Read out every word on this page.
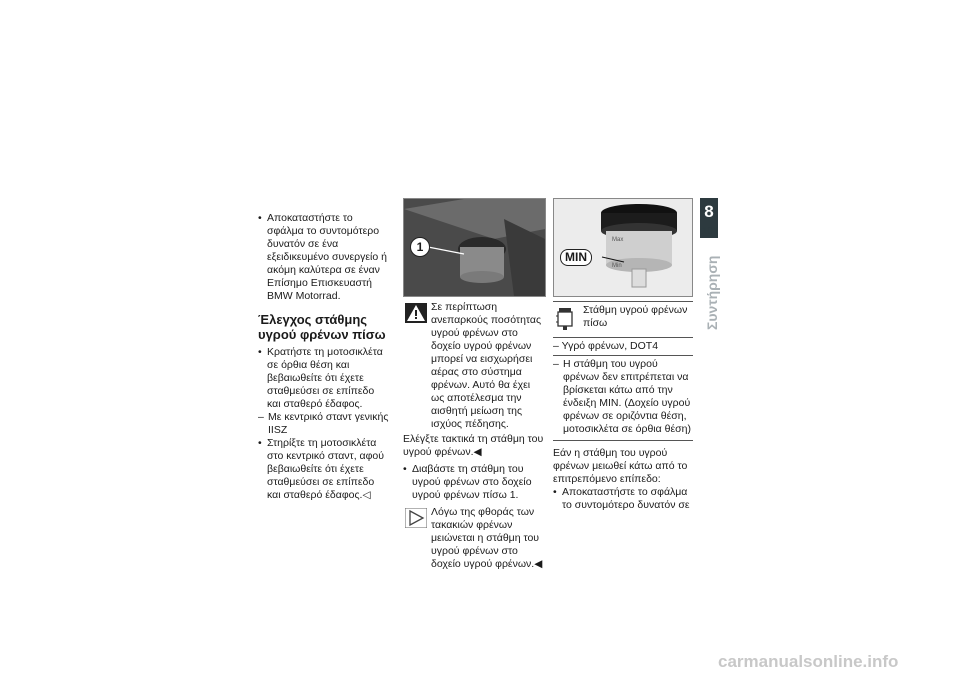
• Αποκαταστήστε το σφάλμα το συντομότερο δυνατόν σε ένα εξειδικευμένο συνεργείο ή ακόμη καλύτερα σε έναν Επίσημο Επισκευαστή BMW Motorrad.
Έλεγχος στάθμης υγρού φρένων πίσω
• Κρατήστε τη μοτοσικλέτα σε όρθια θέση και βεβαιωθείτε ότι έχετε σταθμεύσει σε επίπεδο και σταθερό έδαφος.
– Με κεντρικό σταντ γενικής ΙΙSZ
• Στηρίξτε τη μοτοσικλέτα στο κεντρικό σταντ, αφού βεβαιωθείτε ότι έχετε σταθμεύσει σε επίπεδο και σταθερό έδαφος.◁
1
Σε περίπτωση ανεπαρκούς ποσότητας υγρού φρένων στο δοχείο υγρού φρένων μπορεί να εισχωρήσει αέρας στο σύστημα φρένων. Αυτό θα έχει ως αποτέλεσμα την αισθητή μείωση της ισχύος πέδησης.
Ελέγξτε τακτικά τη στάθμη του υγρού φρένων.◀
• Διαβάστε τη στάθμη του υγρού φρένων στο δοχείο υγρού φρένων πίσω 1.
Λόγω της φθοράς των τακακιών φρένων μειώνεται η στάθμη του υγρού φρένων στο δοχείο υγρού φρένων.◀
Max
Min
MIN
Στάθμη υγρού φρένων πίσω
– Υγρό φρένων, DOT4
– Η στάθμη του υγρού φρένων δεν επιτρέπεται να βρίσκεται κάτω από την ένδειξη MIN. (Δοχείο υγρού φρένων σε οριζόντια θέση, μοτοσικλέτα σε όρθια θέση)
Εάν η στάθμη του υγρού φρένων μειωθεί κάτω από το επιτρεπόμενο επίπεδο:
• Αποκαταστήστε το σφάλμα το συντομότερο δυνατόν σε
8
101
Συντήρηση
carmanualsonline.info
